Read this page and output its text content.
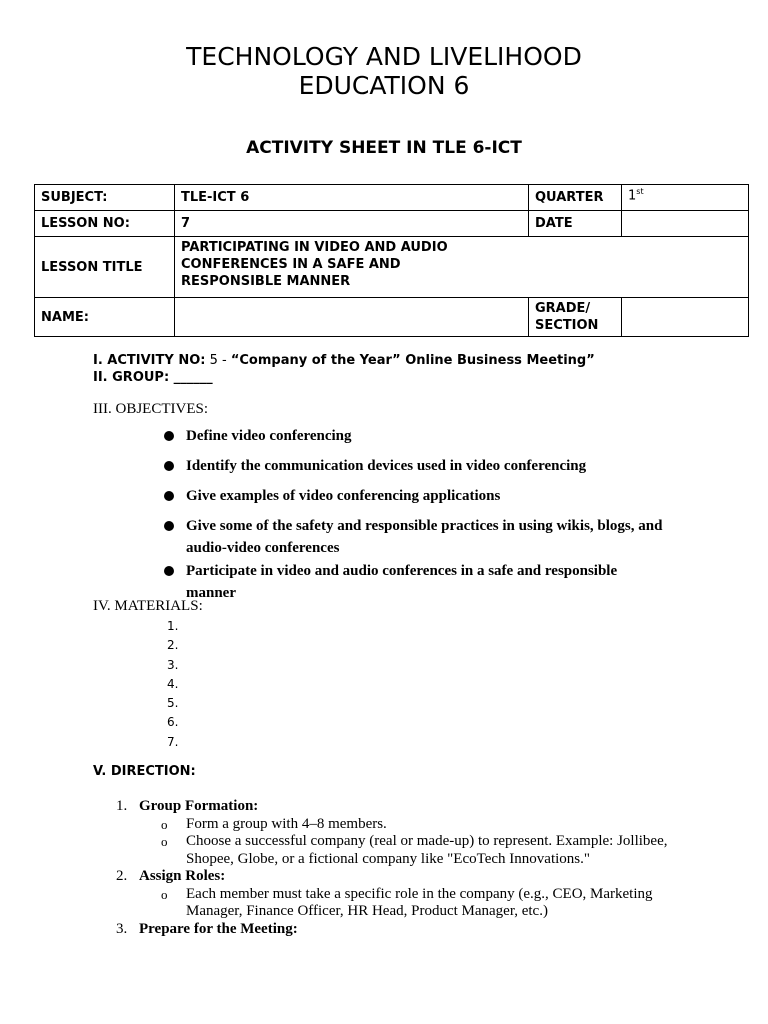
TECHNOLOGY AND LIVELIHOOD
EDUCATION 6
ACTIVITY SHEET IN TLE 6-ICT
SUBJECT:	TLE-ICT 6	QUARTER	1st
LESSON NO:	7	DATE	
LESSON TITLE	PARTICIPATING IN VIDEO AND AUDIO
CONFERENCES IN A SAFE AND
RESPONSIBLE MANNER		

NAME:		GRADE/
SECTION	

I. ACTIVITY NO: 5 - “Company of the Year” Online Business Meeting”
II. GROUP: ______
III. OBJECTIVES:
Define video conferencing
Identify the communication devices used in video conferencing
Give examples of video conferencing applications
Give some of the safety and responsible practices in using wikis, blogs, and audio-video conferences
Participate in video and audio conferences in a safe and responsible manner
IV. MATERIALS:
1.
2.
3.
4.
5.
6.
7.
V. DIRECTION:
1. Group Formation:
o Form a group with 4–8 members.
o Choose a successful company (real or made-up) to represent. Example: Jollibee, Shopee, Globe, or a fictional company like "EcoTech Innovations."
2. Assign Roles:
o Each member must take a specific role in the company (e.g., CEO, Marketing Manager, Finance Officer, HR Head, Product Manager, etc.)
3. Prepare for the Meeting:
